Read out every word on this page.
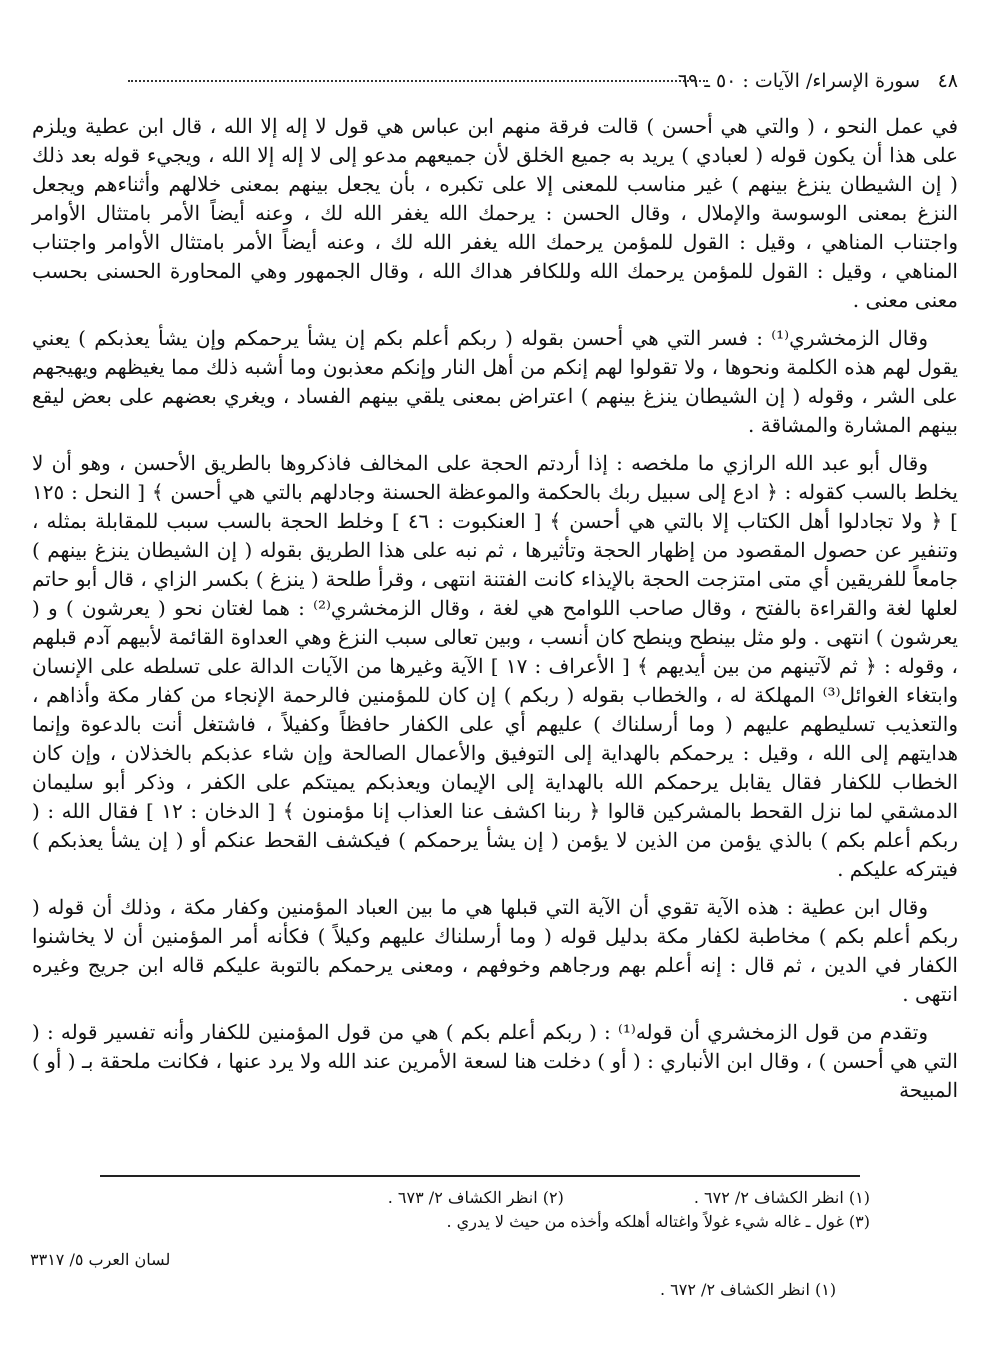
٤٨
سورة الإسراء/ الآيات : ٥٠ ـ ٦٩

في عمل النحو ، ( والتي هي أحسن ) قالت فرقة منهم ابن عباس هي قول لا إله إلا الله ، قال ابن عطية ويلزم على هذا أن يكون قوله ( لعبادي ) يريد به جميع الخلق لأن جميعهم مدعو إلى لا إله إلا الله ، ويجيء قوله بعد ذلك ( إن الشيطان ينزغ بينهم ) غير مناسب للمعنى إلا على تكبره ، بأن يجعل بينهم بمعنى خلالهم وأثناءهم ويجعل النزغ بمعنى الوسوسة والإملال ، وقال الحسن : يرحمك الله يغفر الله لك ، وعنه أيضاً الأمر بامتثال الأوامر واجتناب المناهي ، وقيل : القول للمؤمن يرحمك الله يغفر الله لك ، وعنه أيضاً الأمر بامتثال الأوامر واجتناب المناهي ، وقيل : القول للمؤمن يرحمك الله وللكافر هداك الله ، وقال الجمهور وهي المحاورة الحسنى بحسب معنى معنى .

وقال الزمخشري⁽¹⁾ : فسر التي هي أحسن بقوله ( ربكم أعلم بكم إن يشأ يرحمكم وإن يشأ يعذبكم ) يعني يقول لهم هذه الكلمة ونحوها ، ولا تقولوا لهم إنكم من أهل النار وإنكم معذبون وما أشبه ذلك مما يغيظهم ويهيجهم على الشر ، وقوله ( إن الشيطان ينزغ بينهم ) اعتراض بمعنى يلقي بينهم الفساد ، ويغري بعضهم على بعض ليقع بينهم المشارة والمشاقة .

وقال أبو عبد الله الرازي ما ملخصه : إذا أردتم الحجة على المخالف فاذكروها بالطريق الأحسن ، وهو أن لا يخلط بالسب كقوله : ﴿ ادع إلى سبيل ربك بالحكمة والموعظة الحسنة وجادلهم بالتي هي أحسن ﴾ [ النحل : ١٢٥ ] ﴿ ولا تجادلوا أهل الكتاب إلا بالتي هي أحسن ﴾ [ العنكبوت : ٤٦ ] وخلط الحجة بالسب سبب للمقابلة بمثله ، وتنفير عن حصول المقصود من إظهار الحجة وتأثيرها ، ثم نبه على هذا الطريق بقوله ( إن الشيطان ينزغ بينهم ) جامعاً للفريقين أي متى امتزجت الحجة بالإيذاء كانت الفتنة انتهى ، وقرأ طلحة ( ينزغ ) بكسر الزاي ، قال أبو حاتم لعلها لغة والقراءة بالفتح ، وقال صاحب اللوامح هي لغة ، وقال الزمخشري⁽²⁾ : هما لغتان نحو ( يعرشون ) و ( يعرشون ) انتهى . ولو مثل بينطح وينطح كان أنسب ، وبين تعالى سبب النزغ وهي العداوة القائمة لأبيهم آدم قبلهم ، وقوله : ﴿ ثم لآتينهم من بين أيديهم ﴾ [ الأعراف : ١٧ ] الآية وغيرها من الآيات الدالة على تسلطه على الإنسان وابتغاء الغوائل⁽³⁾ المهلكة له ، والخطاب بقوله ( ربكم ) إن كان للمؤمنين فالرحمة الإنجاء من كفار مكة وأذاهم ، والتعذيب تسليطهم عليهم ( وما أرسلناك ) عليهم أي على الكفار حافظاً وكفيلاً ، فاشتغل أنت بالدعوة وإنما هدايتهم إلى الله ، وقيل : يرحمكم بالهداية إلى التوفيق والأعمال الصالحة وإن شاء عذبكم بالخذلان ، وإن كان الخطاب للكفار فقال يقابل يرحمكم الله بالهداية إلى الإيمان ويعذبكم يميتكم على الكفر ، وذكر أبو سليمان الدمشقي لما نزل القحط بالمشركين قالوا ﴿ ربنا اكشف عنا العذاب إنا مؤمنون ﴾ [ الدخان : ١٢ ] فقال الله : ( ربكم أعلم بكم ) بالذي يؤمن من الذين لا يؤمن ( إن يشأ يرحمكم ) فيكشف القحط عنكم أو ( إن يشأ يعذبكم ) فيتركه عليكم .

وقال ابن عطية : هذه الآية تقوي أن الآية التي قبلها هي ما بين العباد المؤمنين وكفار مكة ، وذلك أن قوله ( ربكم أعلم بكم ) مخاطبة لكفار مكة بدليل قوله ( وما أرسلناك عليهم وكيلاً ) فكأنه أمر المؤمنين أن لا يخاشنوا الكفار في الدين ، ثم قال : إنه أعلم بهم ورجاهم وخوفهم ، ومعنى يرحمكم بالتوبة عليكم قاله ابن جريج وغيره انتهى .

وتقدم من قول الزمخشري أن قوله⁽¹⁾ : ( ربكم أعلم بكم ) هي من قول المؤمنين للكفار وأنه تفسير قوله : ( التي هي أحسن ) ، وقال ابن الأنباري : ( أو ) دخلت هنا لسعة الأمرين عند الله ولا يرد عنها ، فكانت ملحقة بـ ( أو ) المبيحة

(١) انظر الكشاف ٢/ ٦٧٢ .
(٢) انظر الكشاف ٢/ ٦٧٣ .
(٣) غول ـ غاله شيء غولاً واغتاله أهلكه وأخذه من حيث لا يدري .
لسان العرب ٥/ ٣٣١٧
(١) انظر الكشاف ٢/ ٦٧٢ .
